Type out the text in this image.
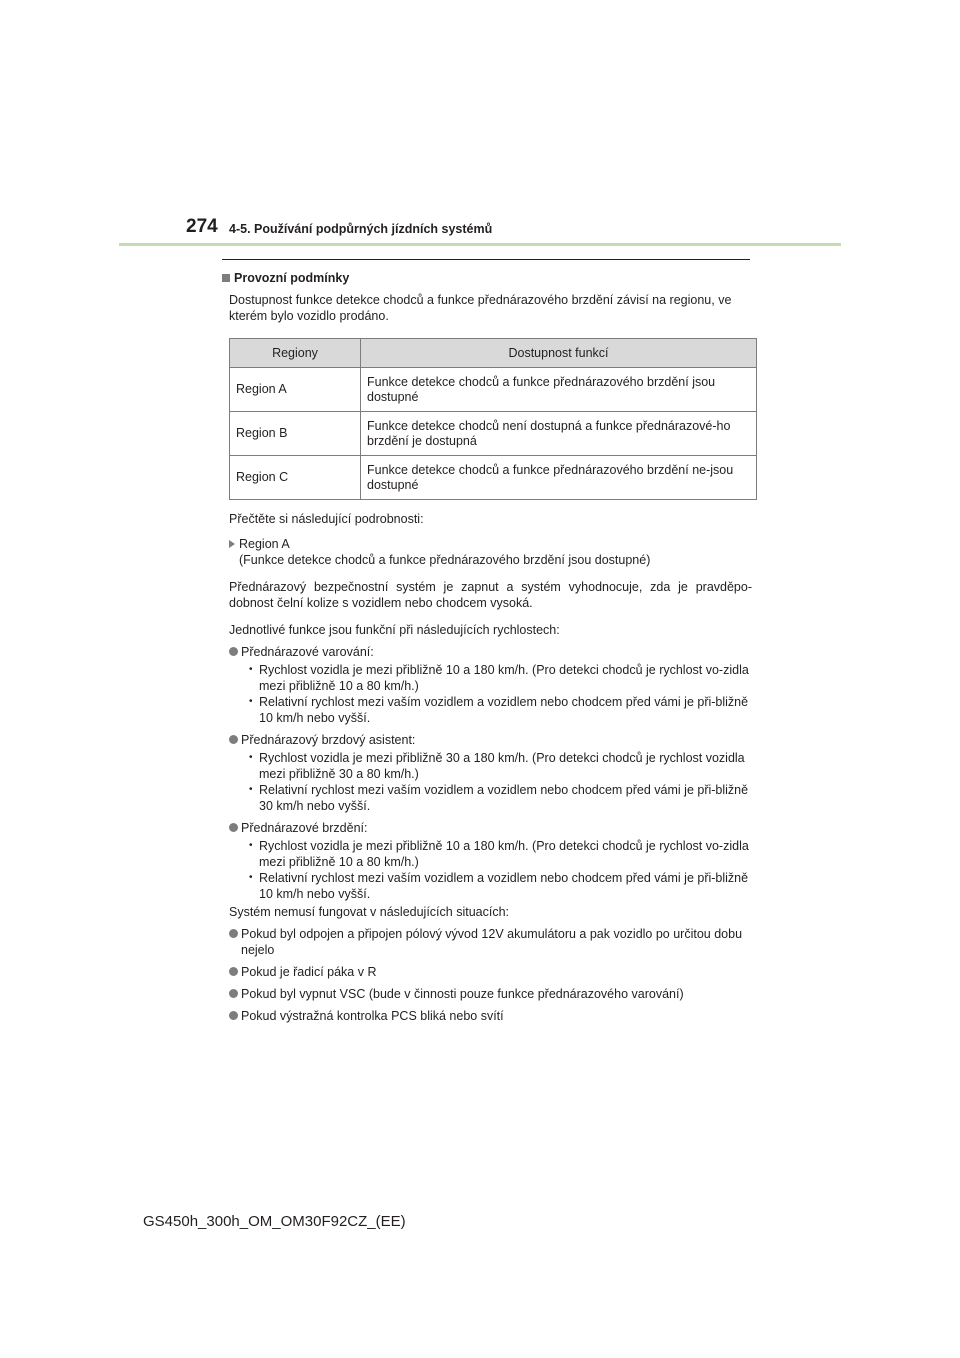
274 4-5. Používání podpůrných jízdních systémů
Provozní podmínky

Dostupnost funkce detekce chodců a funkce přednárazového brzdění závisí na regionu, ve kterém bylo vozidlo prodáno.

Regiony	Dostupnost funkcí
Region A	Funkce detekce chodců a funkce přednárazového brzdění jsou dostupné
Region B	Funkce detekce chodců není dostupná a funkce přednárazové-ho brzdění je dostupná
Region C	Funkce detekce chodců a funkce přednárazového brzdění ne-jsou dostupné

Přečtěte si následující podrobnosti:

Region A
(Funkce detekce chodců a funkce přednárazového brzdění jsou dostupné)

Přednárazový bezpečnostní systém je zapnut a systém vyhodnocuje, zda je pravděpo-dobnost čelní kolize s vozidlem nebo chodcem vysoká.

Jednotlivé funkce jsou funkční při následujících rychlostech:

Přednárazové varování:
• Rychlost vozidla je mezi přibližně 10 a 180 km/h. (Pro detekci chodců je rychlost vo-zidla mezi přibližně 10 a 80 km/h.)
• Relativní rychlost mezi vaším vozidlem a vozidlem nebo chodcem před vámi je při-bližně 10 km/h nebo vyšší.
Přednárazový brzdový asistent:
• Rychlost vozidla je mezi přibližně 30 a 180 km/h. (Pro detekci chodců je rychlost vozidla mezi přibližně 30 a 80 km/h.)
• Relativní rychlost mezi vaším vozidlem a vozidlem nebo chodcem před vámi je při-bližně 30 km/h nebo vyšší.
Přednárazové brzdění:
• Rychlost vozidla je mezi přibližně 10 a 180 km/h. (Pro detekci chodců je rychlost vo-zidla mezi přibližně 10 a 80 km/h.)
• Relativní rychlost mezi vaším vozidlem a vozidlem nebo chodcem před vámi je při-bližně 10 km/h nebo vyšší.

Systém nemusí fungovat v následujících situacích:

Pokud byl odpojen a připojen pólový vývod 12V akumulátoru a pak vozidlo po určitou dobu nejelo
Pokud je řadicí páka v R
Pokud byl vypnut VSC (bude v činnosti pouze funkce přednárazového varování)
Pokud výstražná kontrolka PCS bliká nebo svítí
GS450h_300h_OM_OM30F92CZ_(EE)
